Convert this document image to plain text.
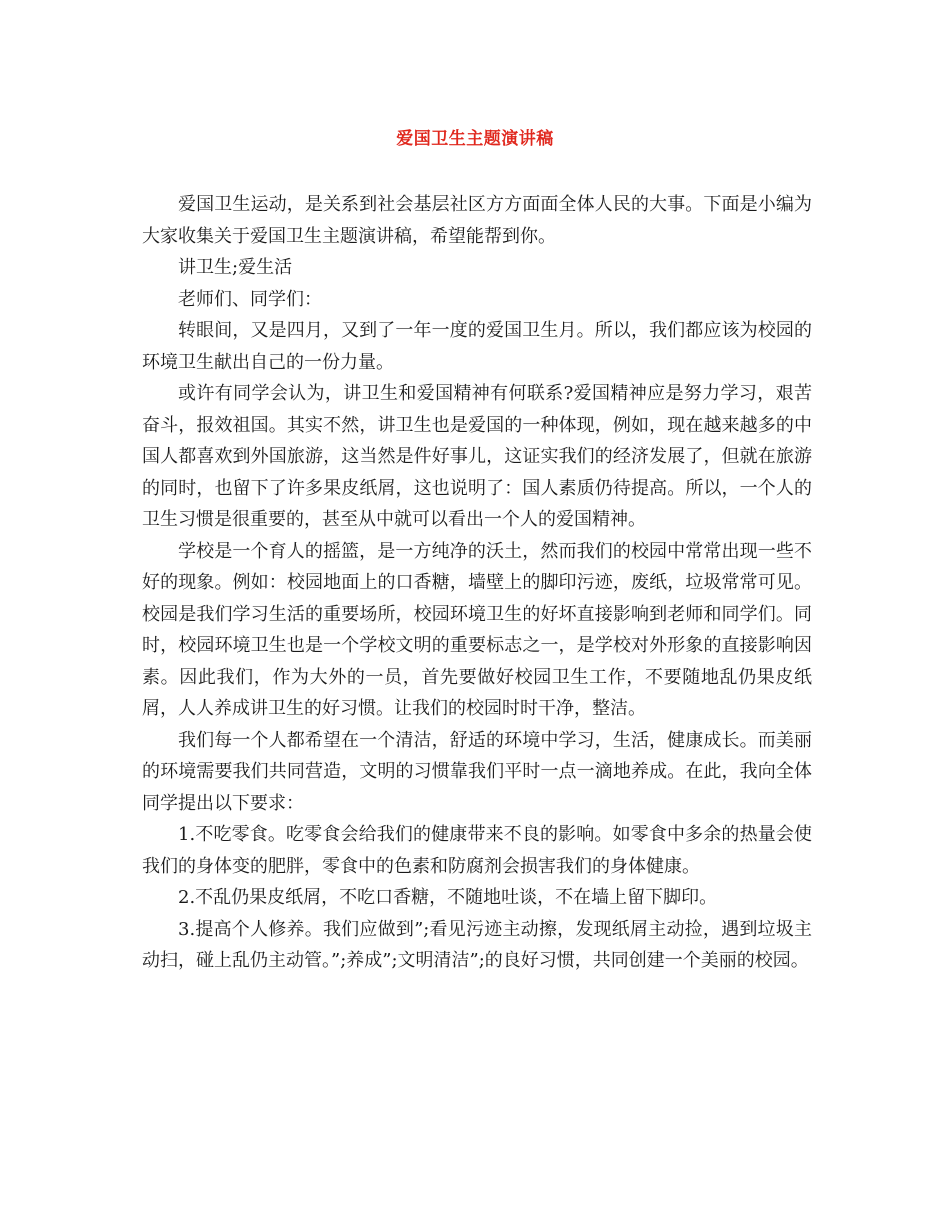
爱国卫生主题演讲稿

爱国卫生运动，是关系到社会基层社区方方面面全体人民的大事。下面是小编为大家收集关于爱国卫生主题演讲稿，希望能帮到你。

讲卫生;爱生活

老师们、同学们：

转眼间，又是四月，又到了一年一度的爱国卫生月。所以，我们都应该为校园的环境卫生献出自己的一份力量。

或许有同学会认为，讲卫生和爱国精神有何联系?爱国精神应是努力学习，艰苦奋斗，报效祖国。其实不然，讲卫生也是爱国的一种体现，例如，现在越来越多的中国人都喜欢到外国旅游，这当然是件好事儿，这证实我们的经济发展了，但就在旅游的同时，也留下了许多果皮纸屑，这也说明了：国人素质仍待提高。所以，一个人的卫生习惯是很重要的，甚至从中就可以看出一个人的爱国精神。

学校是一个育人的摇篮，是一方纯净的沃土，然而我们的校园中常常出现一些不好的现象。例如：校园地面上的口香糖，墙壁上的脚印污迹，废纸，垃圾常常可见。校园是我们学习生活的重要场所，校园环境卫生的好坏直接影响到老师和同学们。同时，校园环境卫生也是一个学校文明的重要标志之一，是学校对外形象的直接影响因素。因此我们，作为大外的一员，首先要做好校园卫生工作，不要随地乱仍果皮纸屑，人人养成讲卫生的好习惯。让我们的校园时时干净，整洁。

我们每一个人都希望在一个清洁，舒适的环境中学习，生活，健康成长。而美丽的环境需要我们共同营造，文明的习惯靠我们平时一点一滴地养成。在此，我向全体同学提出以下要求：

1.不吃零食。吃零食会给我们的健康带来不良的影响。如零食中多余的热量会使我们的身体变的肥胖，零食中的色素和防腐剂会损害我们的身体健康。

2.不乱仍果皮纸屑，不吃口香糖，不随地吐谈，不在墙上留下脚印。

3.提高个人修养。我们应做到”;看见污迹主动擦，发现纸屑主动捡，遇到垃圾主动扫，碰上乱仍主动管。”;养成”;文明清洁”;的良好习惯，共同创建一个美丽的校园。
